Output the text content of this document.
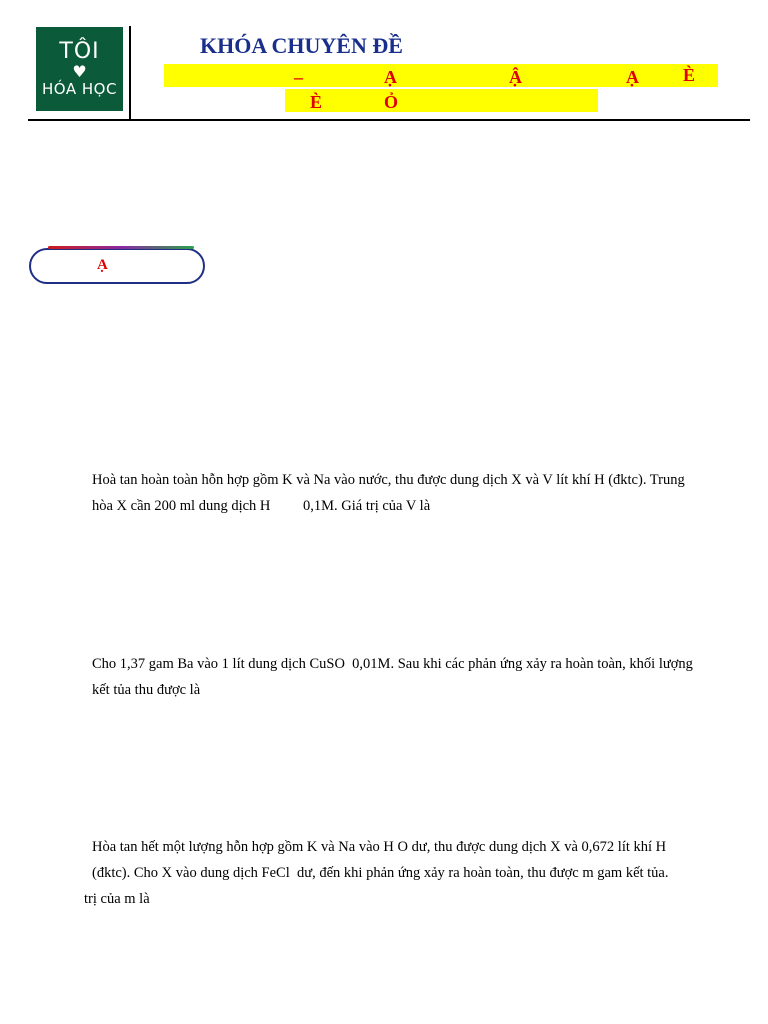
TÔI
♥
HÓA HỌC
KHÓA CHUYÊN ĐỀ
–	Ạ	Ậ	Ạ È
È	Ỏ
Ạ

Hoà tan hoàn toàn hỗn hợp gồm K và Na vào nước, thu được dung dịch X và V lít khí H (đktc). Trung

hòa X cần 200 ml dung dịch H         0,1M. Giá trị của V là

Cho 1,37 gam Ba vào 1 lít dung dịch CuSO  0,01M. Sau khi các phản ứng xảy ra hoàn toàn, khối lượng

kết tủa thu được là

Hòa tan hết một lượng hỗn hợp gồm K và Na vào H O dư, thu được dung dịch X và 0,672 lít khí H

(đktc). Cho X vào dung dịch FeCl  dư, đến khi phản ứng xảy ra hoàn toàn, thu được m gam kết tủa.

trị của m là
